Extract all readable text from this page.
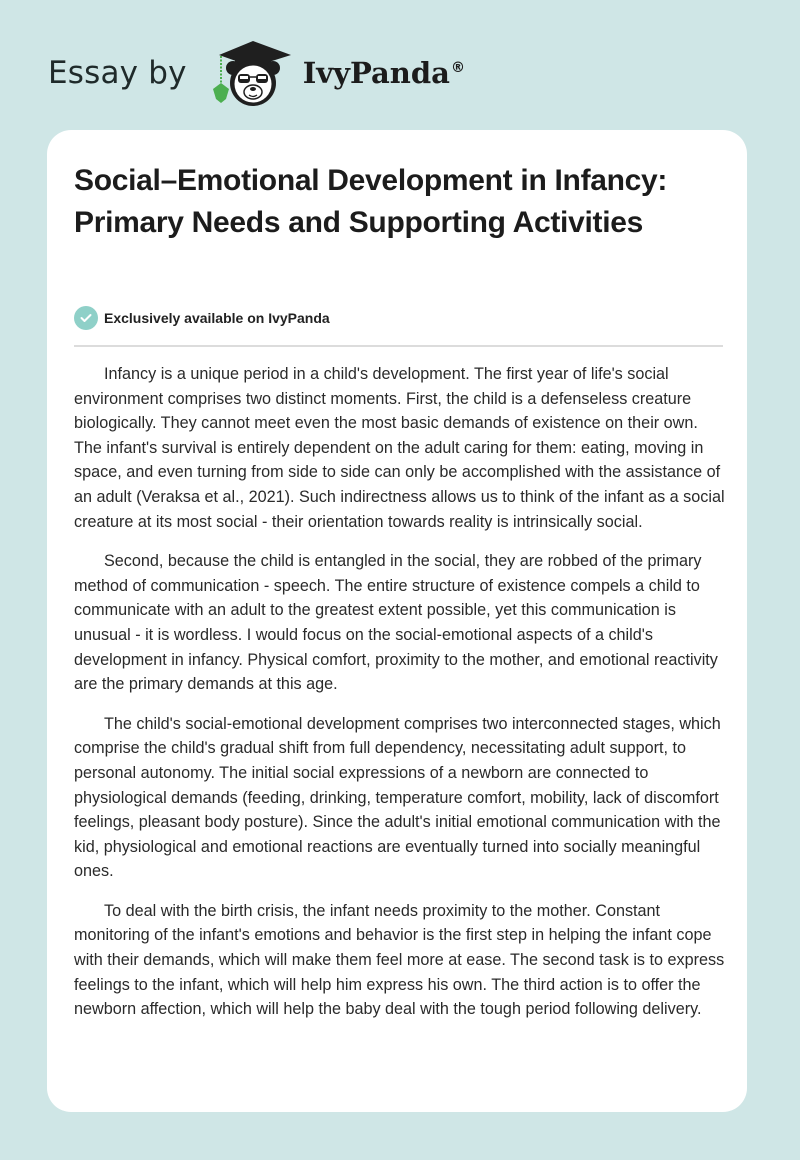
Essay by	IvyPanda®
Social–Emotional Development in Infancy: Primary Needs and Supporting Activities
Exclusively available on IvyPanda

Infancy is a unique period in a child's development. The first year of life's social environment comprises two distinct moments. First, the child is a defenseless creature biologically. They cannot meet even the most basic demands of existence on their own. The infant's survival is entirely dependent on the adult caring for them: eating, moving in space, and even turning from side to side can only be accomplished with the assistance of an adult (Veraksa et al., 2021). Such indirectness allows us to think of the infant as a social creature at its most social - their orientation towards reality is intrinsically social.

Second, because the child is entangled in the social, they are robbed of the primary method of communication - speech. The entire structure of existence compels a child to communicate with an adult to the greatest extent possible, yet this communication is unusual - it is wordless. I would focus on the social-emotional aspects of a child's development in infancy. Physical comfort, proximity to the mother, and emotional reactivity are the primary demands at this age.

The child's social-emotional development comprises two interconnected stages, which comprise the child's gradual shift from full dependency, necessitating adult support, to personal autonomy. The initial social expressions of a newborn are connected to physiological demands (feeding, drinking, temperature comfort, mobility, lack of discomfort feelings, pleasant body posture). Since the adult's initial emotional communication with the kid, physiological and emotional reactions are eventually turned into socially meaningful ones.

To deal with the birth crisis, the infant needs proximity to the mother. Constant monitoring of the infant's emotions and behavior is the first step in helping the infant cope with their demands, which will make them feel more at ease. The second task is to express feelings to the infant, which will help him express his own. The third action is to offer the newborn affection, which will help the baby deal with the tough period following delivery.
